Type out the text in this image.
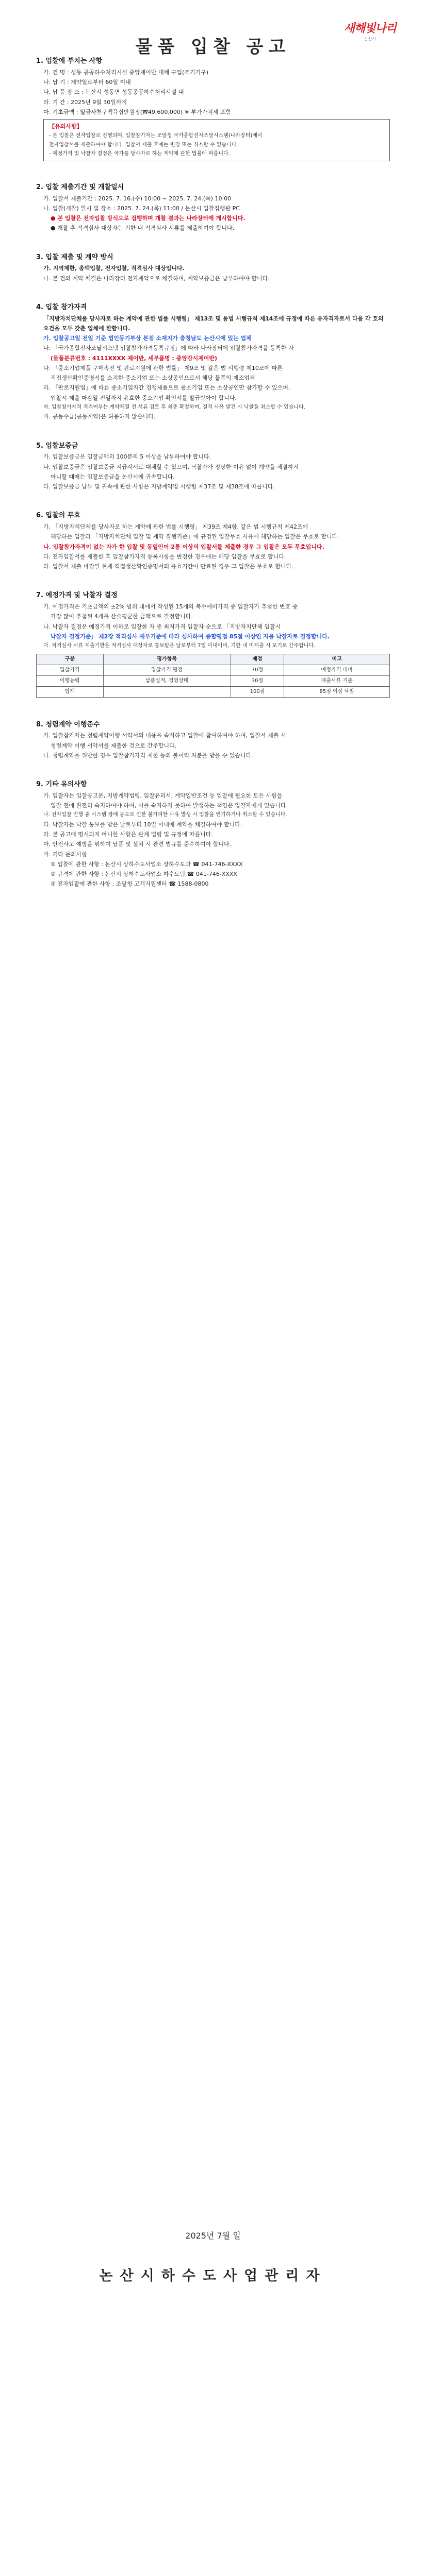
새해빛나리
논산시
물품 입찰 공고

1. 입찰에 부치는 사항

가. 건 명 : 성동 공공하수처리시설 중앙제어반 대체 구입(조기기구)

나. 납 기 : 계약일로부터 60일 이내

다. 납 품 장 소 : 논산시 성동면 성동공공하수처리시설 내

라. 기 간 : 2025년 9월 30일까지

마. 기초금액 : 일금사천구백육십만원정(₩49,600,000) ※ 부가가치세 포함

【유의사항】
- 본 입찰은 전자입찰로 진행되며, 입찰참가자는 조달청 국가종합전자조달시스템(나라장터)에서
전자입찰서를 제출하여야 합니다. 입찰서 제출 후에는 변경 또는 취소할 수 없습니다.
- 예정가격 및 낙찰자 결정은 국가를 당사자로 하는 계약에 관한 법률에 따릅니다.

2. 입찰 제출기간 및 개찰일시

가. 입찰서 제출기간 : 2025. 7. 16.(수) 10:00 ~ 2025. 7. 24.(목) 10:00

나. 입찰(개찰) 일시 및 장소 : 2025. 7. 24.(목) 11:00 / 논산시 입찰집행관 PC

● 본 입찰은 전자입찰 방식으로 집행하며 개찰 결과는 나라장터에 게시합니다.

● 개찰 후 적격심사 대상자는 기한 내 적격심사 서류를 제출하여야 합니다.

3. 입찰 제출 및 계약 방식

가. 지역제한, 총액입찰, 전자입찰, 적격심사 대상입니다.

나. 본 건의 계약 체결은 나라장터 전자계약으로 체결하며, 계약보증금은 납부하여야 합니다.

4. 입찰 참가자격

「지방자치단체를 당사자로 하는 계약에 관한 법률 시행령」 제13조 및 동법 시행규칙 제14조에 규정에 따른 유자격자로서 다음 각 호의 요건을 모두 갖춘 업체에 한합니다.

가. 입찰공고일 전일 기준 법인등기부상 본점 소재지가 충청남도 논산시에 있는 업체

나. 「국가종합전자조달시스템 입찰참가자격등록규정」에 따라 나라장터에 입찰참가자격을 등록한 자

(물품분류번호 : 4111XXXX 제어반, 세부품명 : 중앙감시제어반)

다. 「중소기업제품 구매촉진 및 판로지원에 관한 법률」 제9조 및 같은 법 시행령 제10조에 따른

직접생산확인증명서를 소지한 중소기업 또는 소상공인으로서 해당 물품의 제조업체

라. 「판로지원법」에 따른 중소기업자간 경쟁제품으로 중소기업 또는 소상공인만 참가할 수 있으며,

입찰서 제출 마감일 전일까지 유효한 중소기업 확인서를 발급받아야 합니다.

마. 입찰참가자격 적격여부는 계약체결 전 서류 검토 후 최종 확정하며, 결격 사유 발견 시 낙찰을 취소할 수 있습니다.

바. 공동수급(공동계약)은 허용하지 않습니다.

5. 입찰보증금

가. 입찰보증금은 입찰금액의 100분의 5 이상을 납부하여야 합니다.

나. 입찰보증금은 입찰보증금 지급각서로 대체할 수 있으며, 낙찰자가 정당한 이유 없이 계약을 체결하지

아니할 때에는 입찰보증금을 논산시에 귀속합니다.

다. 입찰보증금 납부 및 귀속에 관한 사항은 지방계약법 시행령 제37조 및 제38조에 따릅니다.

6. 입찰의 무효

가. 「지방자치단체를 당사자로 하는 계약에 관한 법률 시행령」 제39조 제4항, 같은 법 시행규칙 제42조에

해당하는 입찰과 「지방자치단체 입찰 및 계약 집행기준」에 규정된 입찰무효 사유에 해당하는 입찰은 무효로 합니다.

나. 입찰참가자격이 없는 자가 한 입찰 및 동일인이 2통 이상의 입찰서를 제출한 경우 그 입찰은 모두 무효입니다.

다. 전자입찰서를 제출한 후 입찰참가자격 등록사항을 변경한 경우에는 해당 입찰을 무효로 합니다.

라. 입찰서 제출 마감일 현재 직접생산확인증명서의 유효기간이 만료된 경우 그 입찰은 무효로 합니다.

7. 예정가격 및 낙찰자 결정

가. 예정가격은 기초금액의 ±2% 범위 내에서 작성된 15개의 복수예비가격 중 입찰자가 추첨한 번호 중

가장 많이 추첨된 4개를 산술평균한 금액으로 결정합니다.

나. 낙찰자 결정은 예정가격 이하로 입찰한 자 중 최저가격 입찰자 순으로 「지방자치단체 입찰시

낙찰자 결정기준」 제2장 적격심사 세부기준에 따라 심사하여 종합평점 85점 이상인 자를 낙찰자로 결정합니다.

다. 적격심사 서류 제출기한은 적격심사 대상자로 통보받은 날로부터 7일 이내이며, 기한 내 미제출 시 포기로 간주합니다.

구분	평가항목	배점	비고
입찰가격	입찰가격 평점	70점	예정가격 대비
이행능력	납품실적, 경영상태	30점	제출서류 기준
합계		100점	85점 이상 낙찰

8. 청렴계약 이행준수

가. 입찰참가자는 청렴계약이행 서약서의 내용을 숙지하고 입찰에 참여하여야 하며, 입찰서 제출 시

청렴계약 이행 서약서를 제출한 것으로 간주합니다.

나. 청렴계약을 위반한 경우 입찰참가자격 제한 등의 불이익 처분을 받을 수 있습니다.

9. 기타 유의사항

가. 입찰자는 입찰공고문, 지방계약법령, 입찰유의서, 계약일반조건 등 입찰에 필요한 모든 사항을

입찰 전에 완전히 숙지하여야 하며, 이를 숙지하지 못하여 발생하는 책임은 입찰자에게 있습니다.

나. 전자입찰 진행 중 시스템 장애 등으로 인한 불가피한 사유 발생 시 입찰을 연기하거나 취소할 수 있습니다.

다. 낙찰자는 낙찰 통보를 받은 날로부터 10일 이내에 계약을 체결하여야 합니다.

라. 본 공고에 명시되지 아니한 사항은 관계 법령 및 규정에 따릅니다.

마. 안전사고 예방을 위하여 납품 및 설치 시 관련 법규를 준수하여야 합니다.

바. 기타 문의사항

① 입찰에 관한 사항 : 논산시 상하수도사업소 상하수도과 ☎ 041-746-XXXX

② 규격에 관한 사항 : 논산시 상하수도사업소 하수도팀 ☎ 041-746-XXXX

③ 전자입찰에 관한 사항 : 조달청 고객지원센터 ☎ 1588-0800

2025년 7월 일

논산시하수도사업관리자
